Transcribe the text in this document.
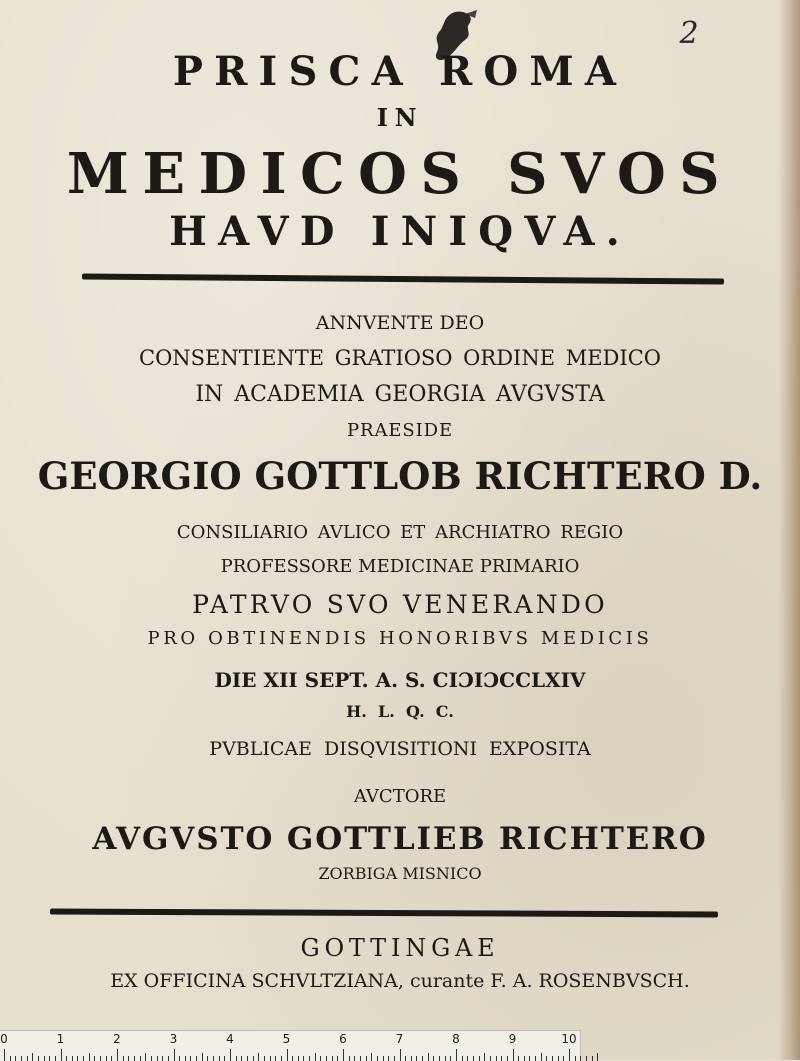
2
PRISCA ROMA
IN
MEDICOS SVOS
HAVD INIQVA.
ANNVENTE DEO
CONSENTIENTE GRATIOSO ORDINE MEDICO
IN ACADEMIA GEORGIA AVGVSTA
PRAESIDE
GEORGIO GOTTLOB RICHTERO D.
CONSILIARIO AVLICO ET ARCHIATRO REGIO
PROFESSORE MEDICINAE PRIMARIO
PATRVO SVO VENERANDO
PRO OBTINENDIS HONORIBVS MEDICIS
DIE XII SEPT. A. S. CIƆIƆCCLXIV
H.  L.  Q.  C.
PVBLICAE DISQVISITIONI EXPOSITA
AVCTORE
AVGVSTO GOTTLIEB RICHTERO
ZORBIGA MISNICO
GOTTINGAE
EX OFFICINA SCHVLTZIANA, curante F. A. ROSENBVSCH.
0	1	2	3	4	5	6	7	8	9	10
